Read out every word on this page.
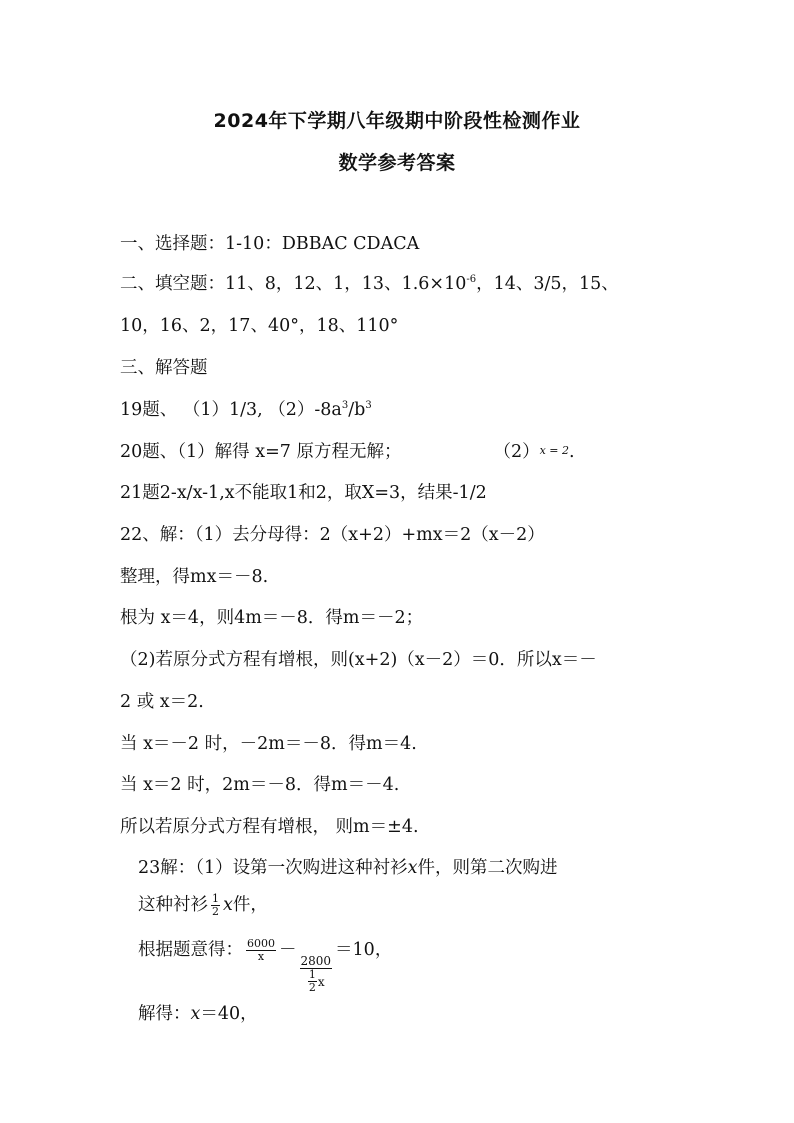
2024年下学期八年级期中阶段性检测作业
数学参考答案
一、选择题：1-10：DBBAC CDACA
二、填空题：11、8，12、1，13、$1.6\times 10^{-6}$，14、3/5，15、
10，16、2，17、40°，18、110°
三、解答题
19题、 （1）1/3, $(2)-8a^3/b^3$
20题、（1）解得 x=7 原方程无解；	（2）x = 2.
21题2-x/x-1,x不能取1和2，取X=3，结果-1/2
22、解：（1）去分母得：2（x+2）+mx＝2（x－2）
整理，得mx＝－8.
根为 x＝4，则4m＝－8．得m＝－2；
（2)若原分式方程有增根，则(x+2)（x－2）＝0．所以x＝－
2 或 x＝2.
当 x＝－2 时，－2m＝－8．得m＝4.
当 x＝2 时，2m＝－8．得m＝－4.
所以若原分式方程有增根， 则m＝±4.
23解：（1）设第一次购进这种衬衫x件，则第二次购进
这种衬衫 $\frac{1}{2}$ x件，
根据题意得： $\frac{6000}{x}$ －
$\frac{2800}{\frac{1}{2} x}$
＝10，
解得：x＝40，
